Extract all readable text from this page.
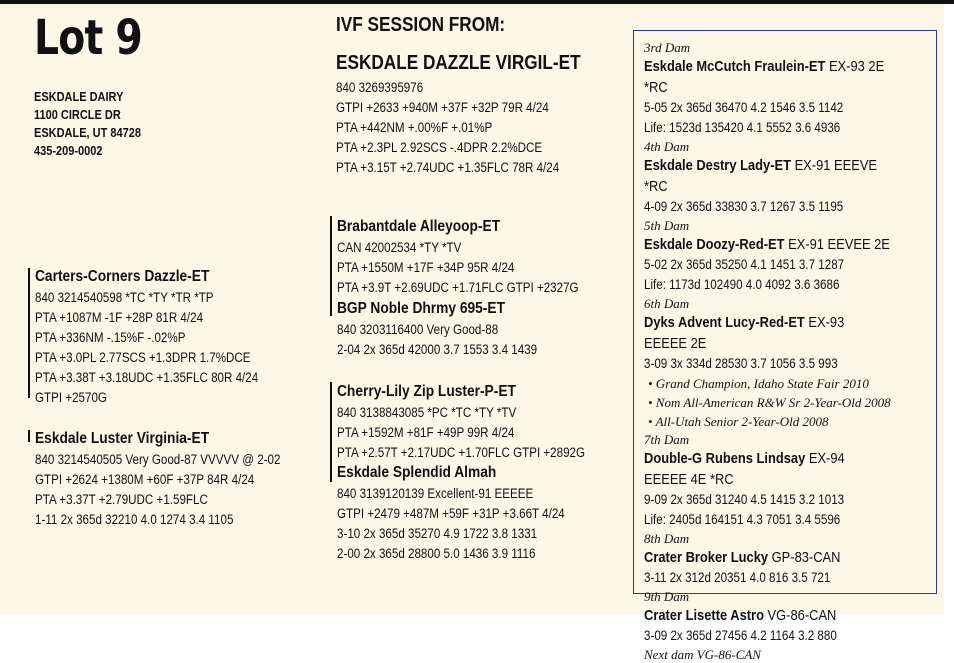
Lot 9
ESKDALE DAIRY
1100 CIRCLE DR
ESKDALE, UT 84728
435-209-0002
IVF SESSION FROM:
ESKDALE DAZZLE VIRGIL-ET
840 3269395976
GTPI +2633 +940M +37F +32P 79R 4/24
PTA +442NM +.00%F +.01%P
PTA +2.3PL 2.92SCS -.4DPR 2.2%DCE
PTA +3.15T +2.74UDC +1.35FLC 78R 4/24
Carters-Corners Dazzle-ET
840 3214540598 *TC *TY *TR *TP
PTA +1087M -1F +28P 81R 4/24
PTA +336NM -.15%F -.02%P
PTA +3.0PL 2.77SCS +1.3DPR 1.7%DCE
PTA +3.38T +3.18UDC +1.35FLC 80R 4/24
GTPI +2570G
Eskdale Luster Virginia-ET
840 3214540505 Very Good-87 VVVVV @ 2-02
GTPI +2624 +1380M +60F +37P 84R 4/24
PTA +3.37T +2.79UDC +1.59FLC
1-11 2x 365d 32210 4.0 1274 3.4 1105
Brabantdale Alleyoop-ET
CAN 42002534 *TY *TV
PTA +1550M +17F +34P 95R 4/24
PTA +3.9T +2.69UDC +1.71FLC GTPI +2327G
BGP Noble Dhrmy 695-ET
840 3203116400 Very Good-88
2-04 2x 365d 42000 3.7 1553 3.4 1439
Cherry-Lily Zip Luster-P-ET
840 3138843085 *PC *TC *TY *TV
PTA +1592M +81F +49P 99R 4/24
PTA +2.57T +2.17UDC +1.70FLC GTPI +2892G
Eskdale Splendid Almah
840 3139120139 Excellent-91 EEEEE
GTPI +2479 +487M +59F +31P +3.66T 4/24
3-10 2x 365d 35270 4.9 1722 3.8 1331
2-00 2x 365d 28800 5.0 1436 3.9 1116
3rd Dam
Eskdale McCutch Fraulein-ET EX-93 2E *RC
5-05 2x 365d 36470 4.2 1546 3.5 1142
Life: 1523d 135420 4.1 5552 3.6 4936
4th Dam
Eskdale Destry Lady-ET EX-91 EEEVE *RC
4-09 2x 365d 33830 3.7 1267 3.5 1195
5th Dam
Eskdale Doozy-Red-ET EX-91 EEVEE 2E
5-02 2x 365d 35250 4.1 1451 3.7 1287
Life: 1173d 102490 4.0 4092 3.6 3686
6th Dam
Dyks Advent Lucy-Red-ET EX-93 EEEEE 2E
3-09 3x 334d 28530 3.7 1056 3.5 993
• Grand Champion, Idaho State Fair 2010
• Nom All-American R&W Sr 2-Year-Old 2008
• All-Utah Senior 2-Year-Old 2008
7th Dam
Double-G Rubens Lindsay EX-94 EEEEE 4E *RC
9-09 2x 365d 31240 4.5 1415 3.2 1013
Life: 2405d 164151 4.3 7051 3.4 5596
8th Dam
Crater Broker Lucky GP-83-CAN
3-11 2x 312d 20351 4.0 816 3.5 721
9th Dam
Crater Lisette Astro VG-86-CAN
3-09 2x 365d 27456 4.2 1164 3.2 880
Next dam VG-86-CAN
